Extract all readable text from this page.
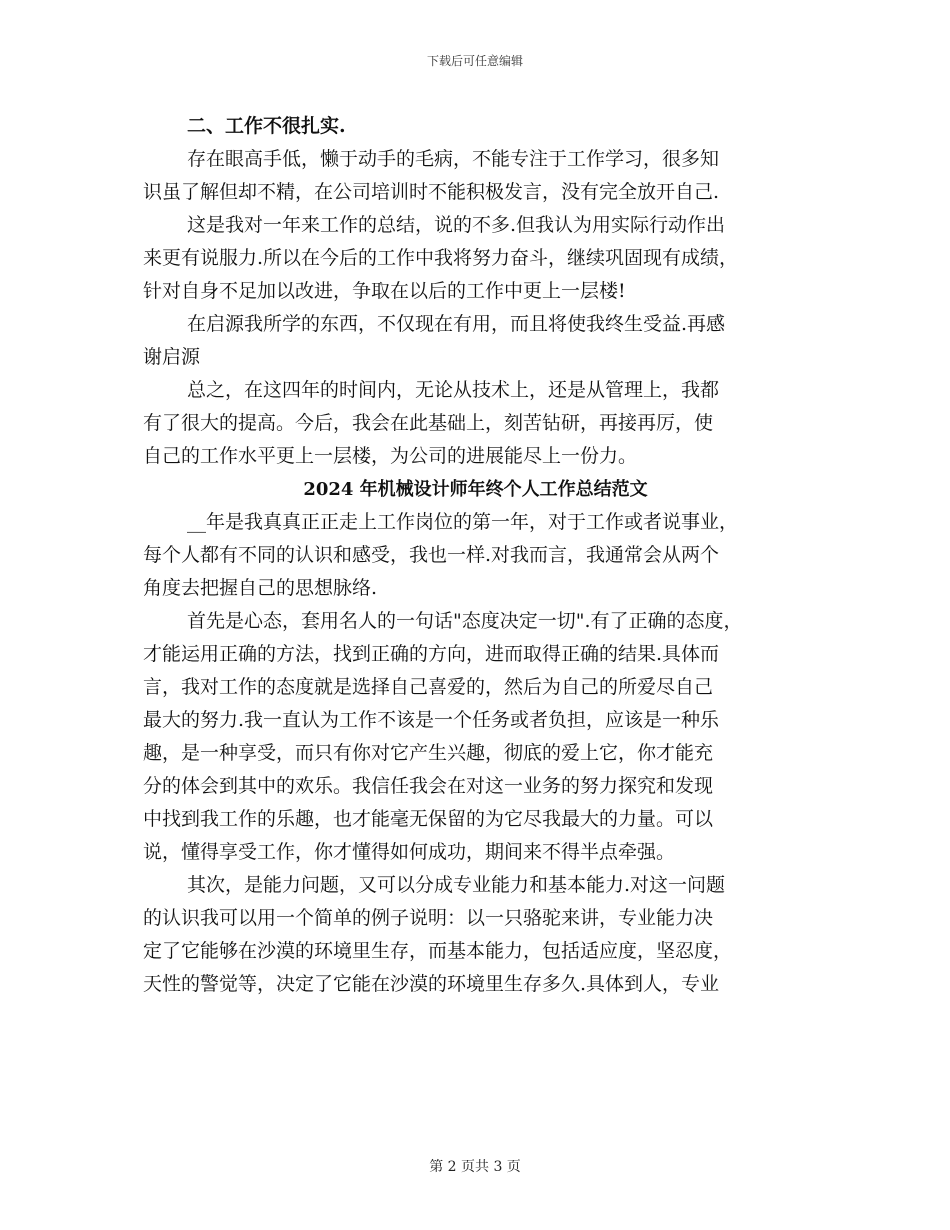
下载后可任意编辑
二、工作不很扎实.
存在眼高手低，懒于动手的毛病，不能专注于工作学习，很多知
识虽了解但却不精，在公司培训时不能积极发言，没有完全放开自己.
这是我对一年来工作的总结，说的不多.但我认为用实际行动作出
来更有说服力.所以在今后的工作中我将努力奋斗，继续巩固现有成绩，
针对自身不足加以改进，争取在以后的工作中更上一层楼!
在启源我所学的东西，不仅现在有用，而且将使我终生受益.再感
谢启源
总之，在这四年的时间内，无论从技术上，还是从管理上，我都
有了很大的提高。今后，我会在此基础上，刻苦钻研，再接再厉，使
自己的工作水平更上一层楼，为公司的进展能尽上一份力。
2024 年机械设计师年终个人工作总结范文
__年是我真真正正走上工作岗位的第一年，对于工作或者说事业，
每个人都有不同的认识和感受，我也一样.对我而言，我通常会从两个
角度去把握自己的思想脉络.
首先是心态，套用名人的一句话"态度决定一切".有了正确的态度，
才能运用正确的方法，找到正确的方向，进而取得正确的结果.具体而
言，我对工作的态度就是选择自己喜爱的，然后为自己的所爱尽自己
最大的努力.我一直认为工作不该是一个任务或者负担，应该是一种乐
趣，是一种享受，而只有你对它产生兴趣，彻底的爱上它，你才能充
分的体会到其中的欢乐。我信任我会在对这一业务的努力探究和发现
中找到我工作的乐趣，也才能毫无保留的为它尽我最大的力量。可以
说，懂得享受工作，你才懂得如何成功，期间来不得半点牵强。
其次，是能力问题，又可以分成专业能力和基本能力.对这一问题
的认识我可以用一个简单的例子说明：以一只骆驼来讲，专业能力决
定了它能够在沙漠的环境里生存，而基本能力，包括适应度，坚忍度，
天性的警觉等，决定了它能在沙漠的环境里生存多久.具体到人，专业
第 2 页共 3 页
